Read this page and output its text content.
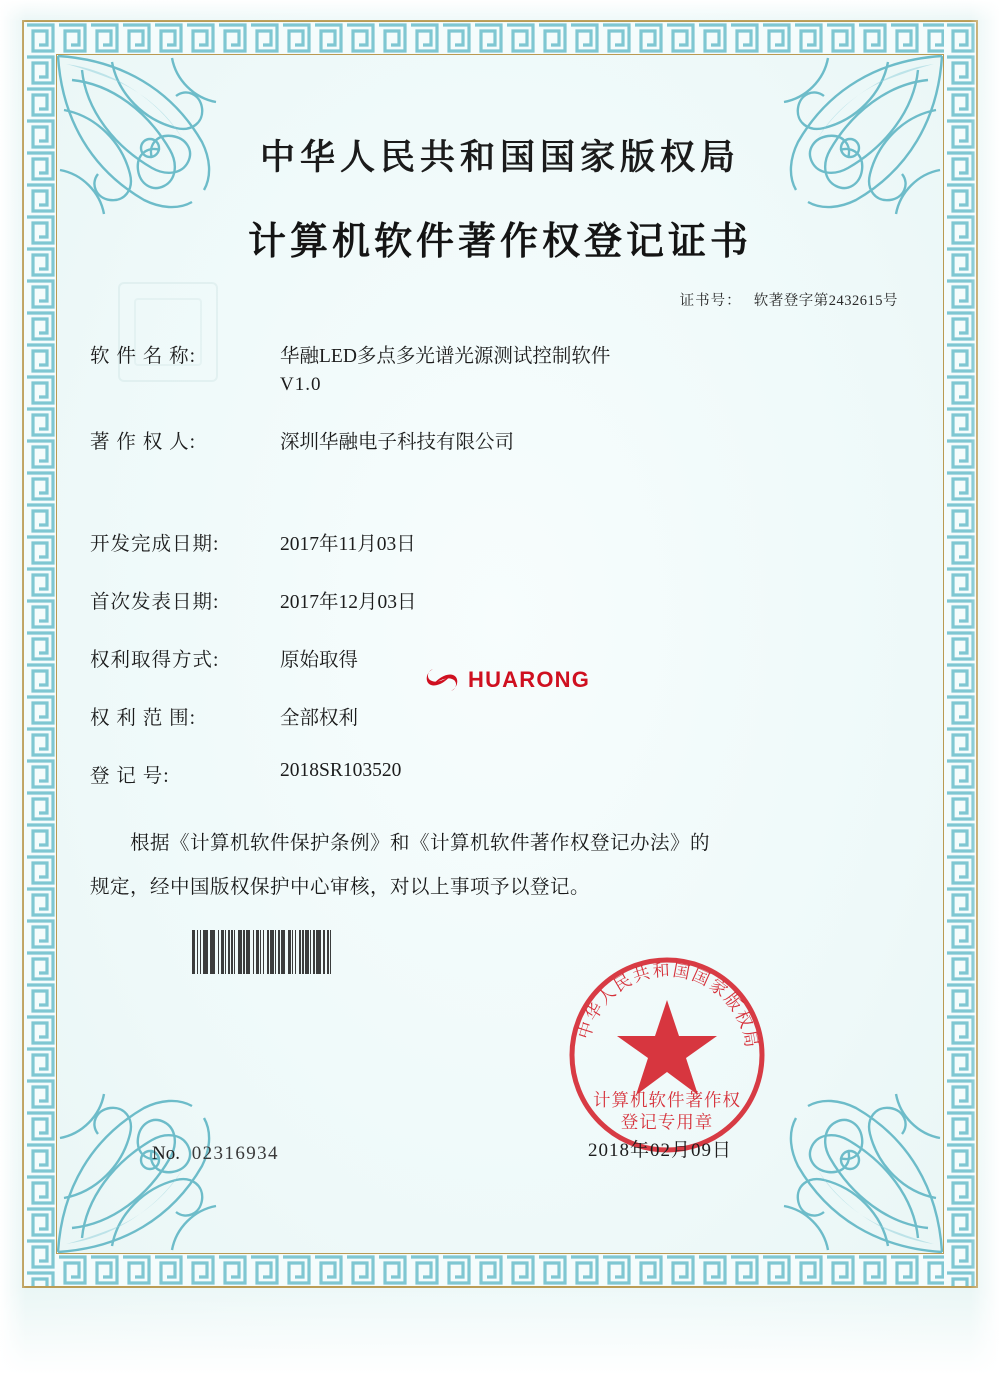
中华人民共和国国家版权局
计算机软件著作权登记证书
证书号： 软著登字第2432615号
软 件 名 称:	华融LED多点多光谱光源测试控制软件
V1.0
著 作 权 人:	深圳华融电子科技有限公司
开发完成日期:	2017年11月03日
首次发表日期:	2017年12月03日
权利取得方式:	原始取得
权 利 范 围:	全部权利
登 记 号:	2018SR103520
根据《计算机软件保护条例》和《计算机软件著作权登记办法》的
规定，经中国版权保护中心审核，对以上事项予以登记。
HUARONG
中华人民共和国国家版权局
计算机软件著作权
登记专用章
2018年02月09日
No. 02316934
